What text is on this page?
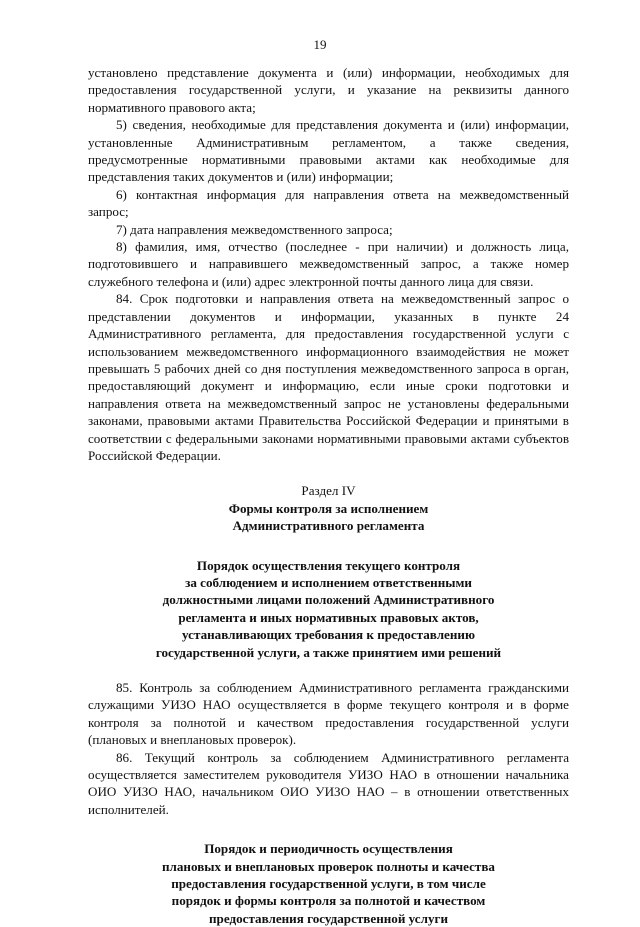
19

установлено представление документа и (или) информации, необходимых для предоставления государственной услуги, и указание на реквизиты данного нормативного правового акта;

5) сведения, необходимые для представления документа и (или) информации, установленные Административным регламентом, а также сведения, предусмотренные нормативными правовыми актами как необходимые для представления таких документов и (или) информации;

6) контактная информация для направления ответа на межведомственный запрос;

7) дата направления межведомственного запроса;

8) фамилия, имя, отчество (последнее - при наличии) и должность лица, подготовившего и направившего межведомственный запрос, а также номер служебного телефона и (или) адрес электронной почты данного лица для связи.

84. Срок подготовки и направления ответа на межведомственный запрос о представлении документов и информации, указанных в пункте 24 Административного регламента, для предоставления государственной услуги с использованием межведомственного информационного взаимодействия не может превышать 5 рабочих дней со дня поступления межведомственного запроса в орган, предоставляющий документ и информацию, если иные сроки подготовки и направления ответа на межведомственный запрос не установлены федеральными законами, правовыми актами Правительства Российской Федерации и принятыми в соответствии с федеральными законами нормативными правовыми актами субъектов Российской Федерации.

Раздел IV

Формы контроля за исполнением
Административного регламента

Порядок осуществления текущего контроля
за соблюдением и исполнением ответственными
должностными лицами положений Административного
регламента и иных нормативных правовых актов,
устанавливающих требования к предоставлению
государственной услуги, а также принятием ими решений

85. Контроль за соблюдением Административного регламента гражданскими служащими УИЗО НАО осуществляется в форме текущего контроля и в форме контроля за полнотой и качеством предоставления государственной услуги (плановых и внеплановых проверок).

86. Текущий контроль за соблюдением Административного регламента осуществляется заместителем руководителя УИЗО НАО в отношении начальника ОИО УИЗО НАО, начальником ОИО УИЗО НАО – в отношении ответственных исполнителей.

Порядок и периодичность осуществления
плановых и внеплановых проверок полноты и качества
предоставления государственной услуги, в том числе
порядок и формы контроля за полнотой и качеством
предоставления государственной услуги
